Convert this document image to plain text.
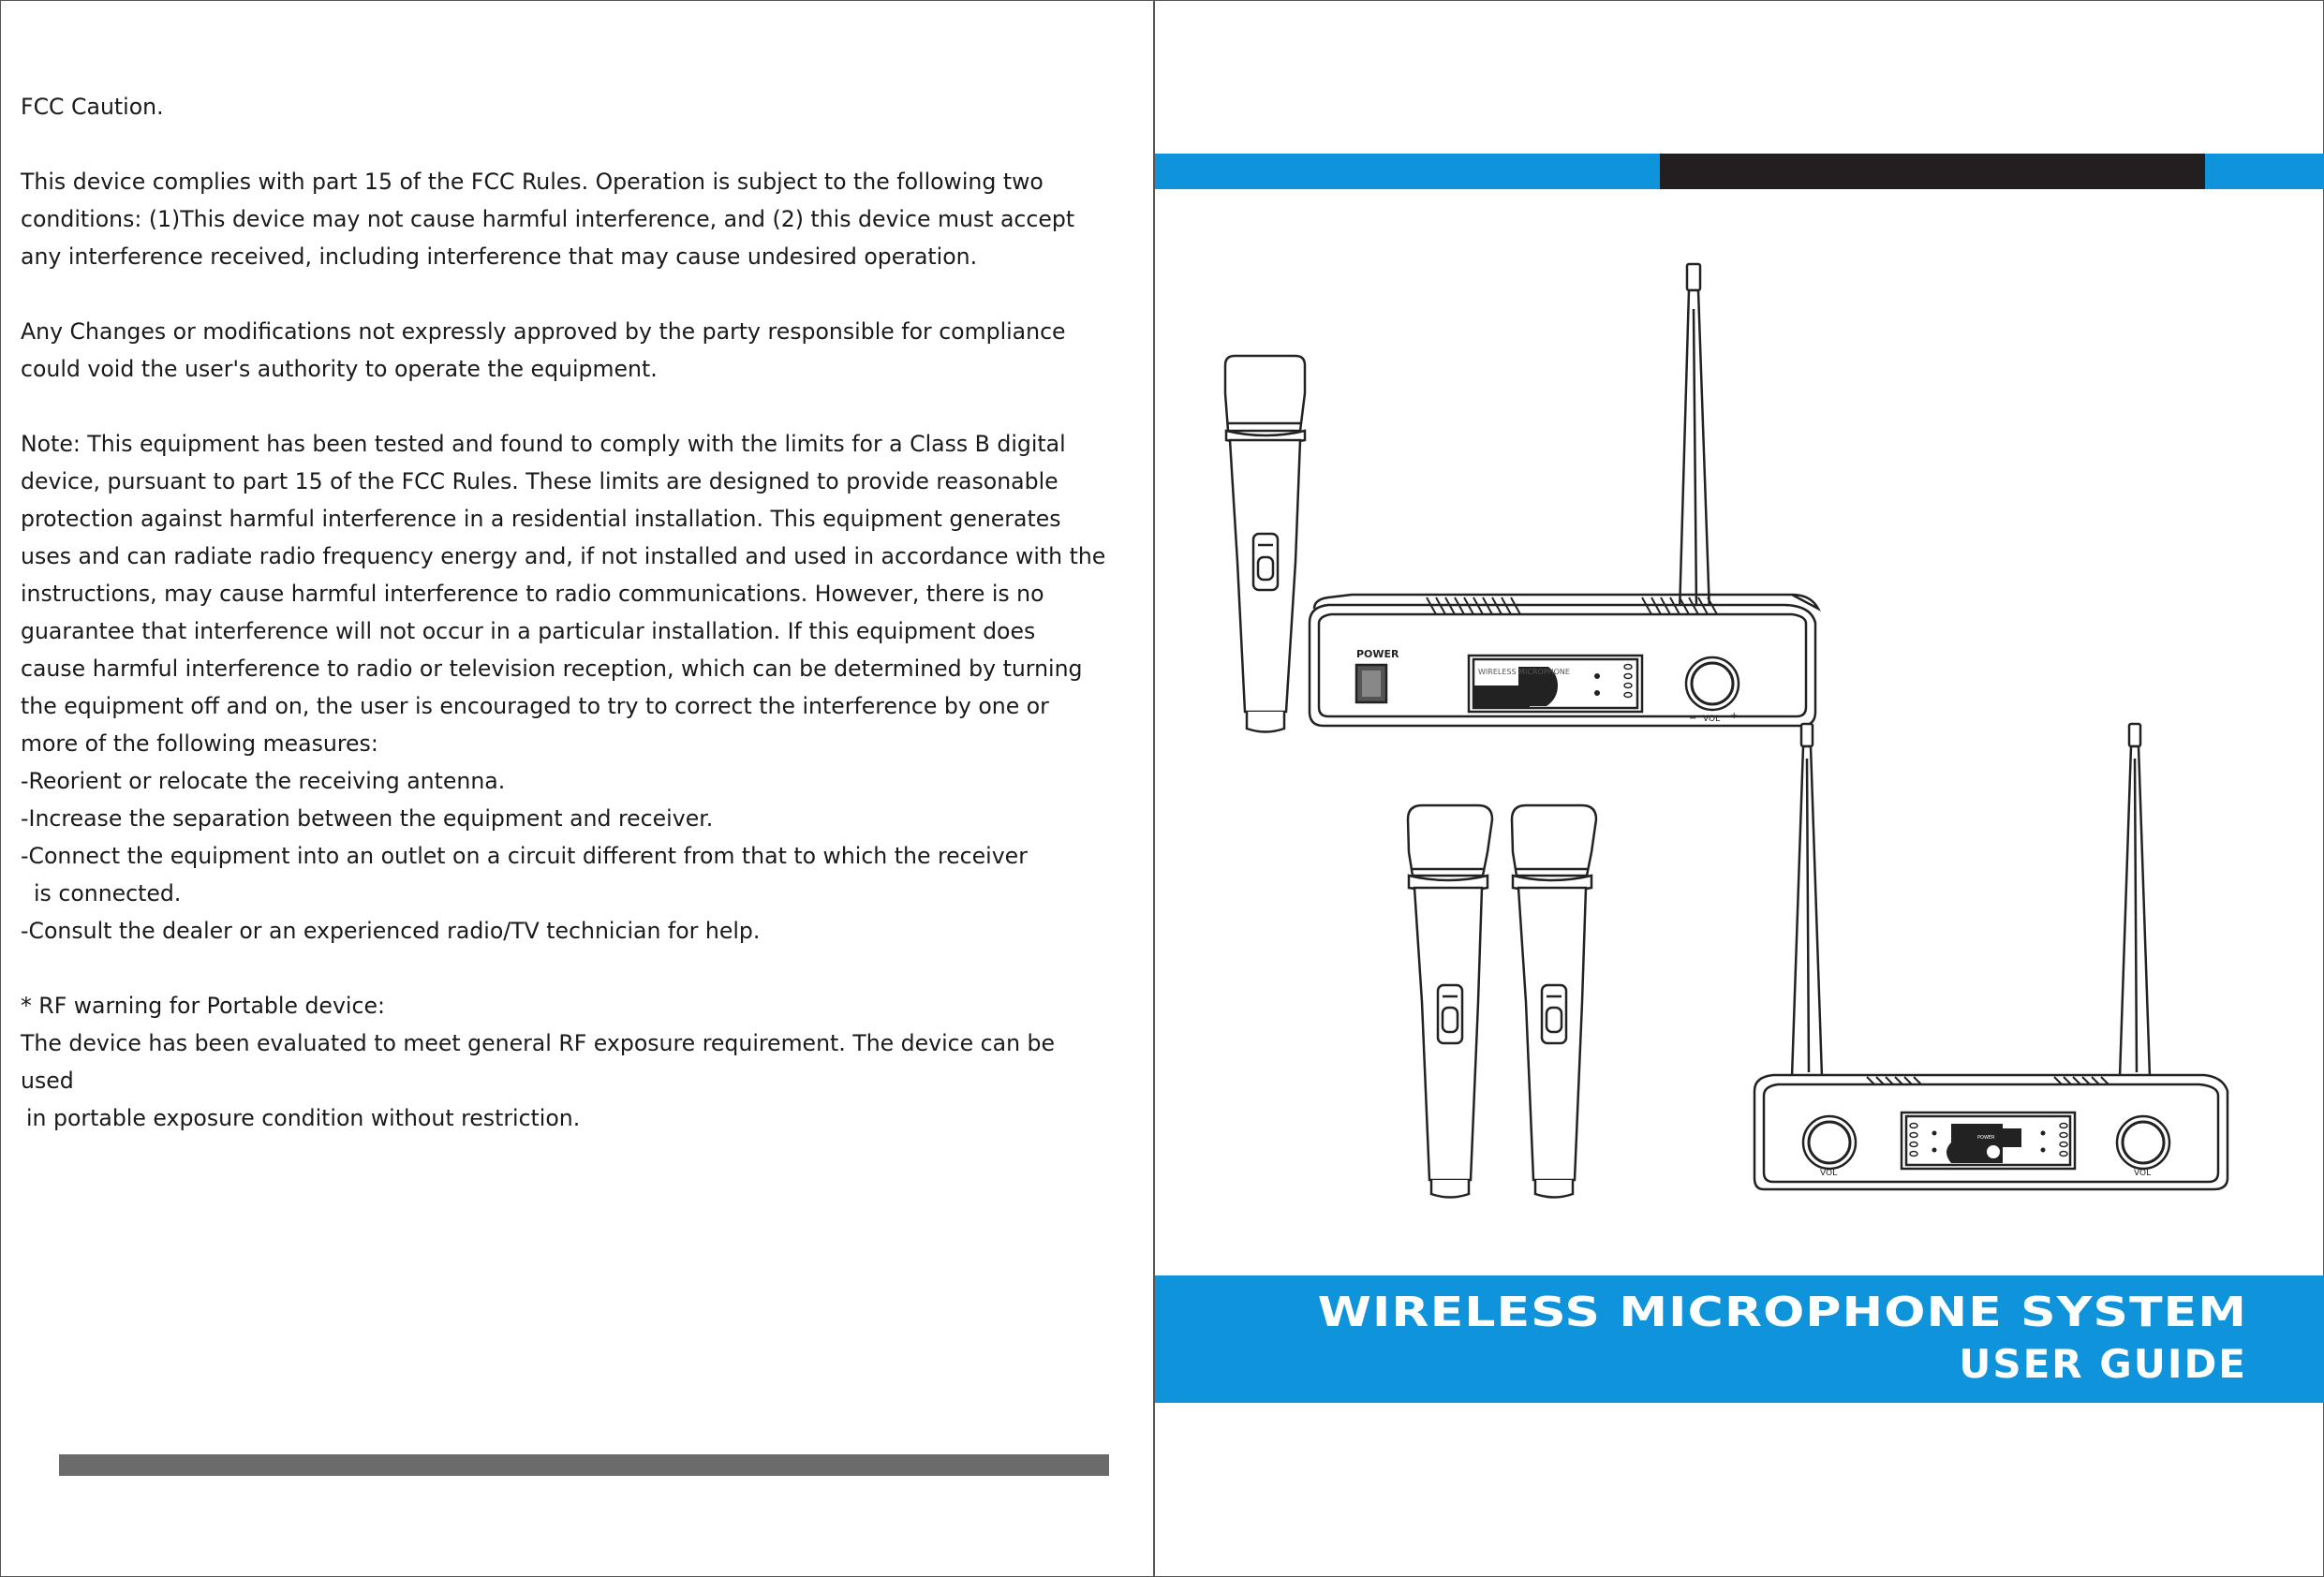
FCC Caution.

This device complies with part 15 of the FCC Rules. Operation is subject to the following two

conditions: (1)This device may not cause harmful interference, and (2) this device must accept

any interference received, including interference that may cause undesired operation.

Any Changes or modifications not expressly approved by the party responsible for compliance

could void the user's authority to operate the equipment.

Note: This equipment has been tested and found to comply with the limits for a Class B digital

device, pursuant to part 15 of the FCC Rules. These limits are designed to provide reasonable

protection against harmful interference in a residential installation. This equipment generates

uses and can radiate radio frequency energy and, if not installed and used in accordance with the

instructions, may cause harmful interference to radio communications. However, there is no

guarantee that interference will not occur in a particular installation. If this equipment does

cause harmful interference to radio or television reception, which can be determined by turning

the equipment off and on, the user is encouraged to try to correct the interference by one or

more of the following measures:

-Reorient or relocate the receiving antenna.

-Increase the separation between the equipment and receiver.

-Connect the equipment into an outlet on a circuit different from that to which the receiver

is connected.

-Consult the dealer or an experienced radio/TV technician for help.

* RF warning for Portable device:

The device has been evaluated to meet general RF exposure requirement. The device can be used

in portable exposure condition without restriction.

POWER
WIRELESS MICROPHONE
VOL
−	+
VOL	VOL
POWER
WIRELESS MICROPHONE SYSTEM
USER GUIDE
